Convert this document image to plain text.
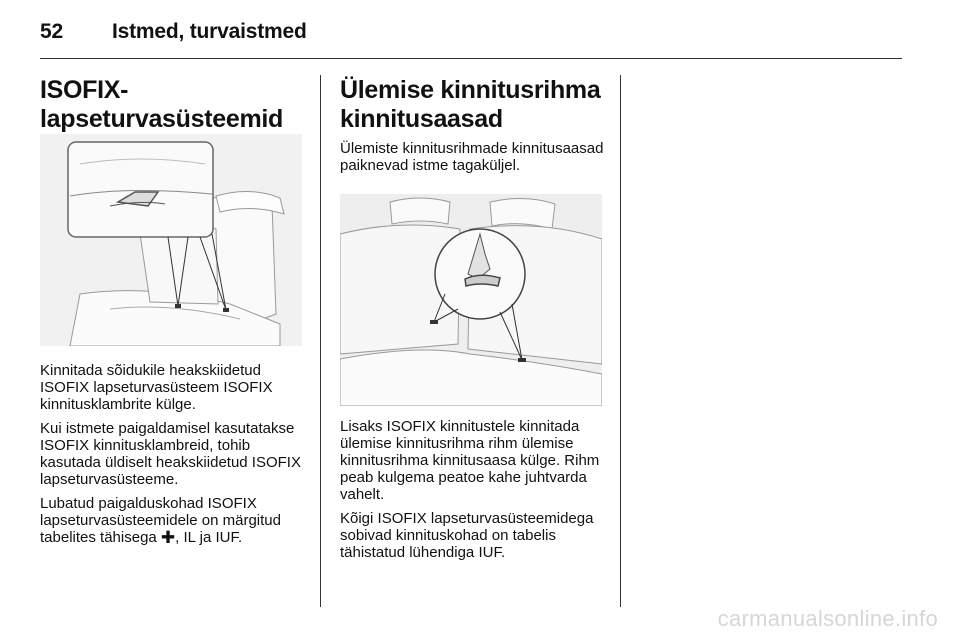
52 Istmed, turvaistmed
ISOFIX-
lapseturvasüsteemid

Kinnitada sõidukile heakskiidetud ISOFIX lapseturvasüsteem ISOFIX kinnitusklambrite külge.

Kui istmete paigaldamisel kasutatakse ISOFIX kinnitusklambreid, tohib kasutada üldiselt heakskiidetud ISOFIX lapseturvasüsteeme.

Lubatud paigalduskohad ISOFIX lapseturvasüsteemidele on märgitud tabelites tähisega ✚, IL ja IUF.

Ülemise kinnitusrihma
kinnitusaasad

Ülemiste kinnitusrihmade kinnitusaasad paiknevad istme tagaküljel.

Lisaks ISOFIX kinnitustele kinnitada ülemise kinnitusrihma rihm ülemise kinnitusrihma kinnitusaasa külge. Rihm peab kulgema peatoe kahe juhtvarda vahelt.

Kõigi ISOFIX lapseturvasüsteemidega sobivad kinnituskohad on tabelis tähistatud lühendiga IUF.

carmanualsonline.info
